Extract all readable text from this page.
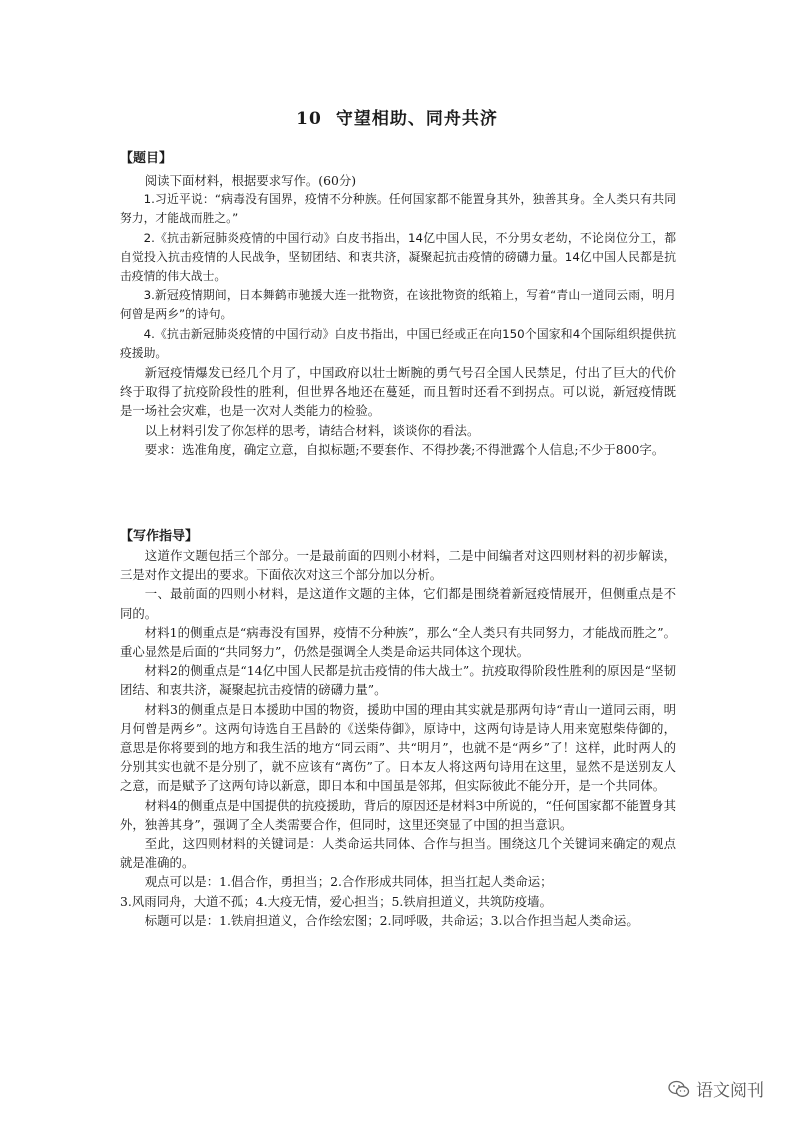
10 守望相助、同舟共济
【题目】

阅读下面材料，根据要求写作。(60分)

1.习近平说：“病毒没有国界，疫情不分种族。任何国家都不能置身其外，独善其身。全人类只有共同努力，才能战而胜之。”

2.《抗击新冠肺炎疫情的中国行动》白皮书指出，14亿中国人民，不分男女老幼，不论岗位分工，都自觉投入抗击疫情的人民战争，坚韧团结、和衷共济，凝聚起抗击疫情的磅礴力量。14亿中国人民都是抗击疫情的伟大战士。

3.新冠疫情期间，日本舞鹤市驰援大连一批物资，在该批物资的纸箱上，写着“青山一道同云雨，明月何曾是两乡”的诗句。

4.《抗击新冠肺炎疫情的中国行动》白皮书指出，中国已经或正在向150个国家和4个国际组织提供抗疫援助。

新冠疫情爆发已经几个月了，中国政府以壮士断腕的勇气号召全国人民禁足，付出了巨大的代价终于取得了抗疫阶段性的胜利，但世界各地还在蔓延，而且暂时还看不到拐点。可以说，新冠疫情既是一场社会灾难，也是一次对人类能力的检验。

以上材料引发了你怎样的思考，请结合材料，谈谈你的看法。

要求：选准角度，确定立意，自拟标题;不要套作、不得抄袭;不得泄露个人信息;不少于800字。

【写作指导】

这道作文题包括三个部分。一是最前面的四则小材料，二是中间编者对这四则材料的初步解读，三是对作文提出的要求。下面依次对这三个部分加以分析。

一、最前面的四则小材料，是这道作文题的主体，它们都是围绕着新冠疫情展开，但侧重点是不同的。

材料1的侧重点是“病毒没有国界，疫情不分种族”，那么“全人类只有共同努力，才能战而胜之”。重心显然是后面的“共同努力”，仍然是强调全人类是命运共同体这个现状。

材料2的侧重点是“14亿中国人民都是抗击疫情的伟大战士”。抗疫取得阶段性胜利的原因是“坚韧团结、和衷共济，凝聚起抗击疫情的磅礴力量”。

材料3的侧重点是日本援助中国的物资，援助中国的理由其实就是那两句诗“青山一道同云雨，明月何曾是两乡”。这两句诗选自王昌龄的《送柴侍御》，原诗中，这两句诗是诗人用来宽慰柴侍御的，意思是你将要到的地方和我生活的地方“同云雨”、共“明月”，也就不是“两乡”了！这样，此时两人的分别其实也就不是分别了，就不应该有“离伤”了。日本友人将这两句诗用在这里，显然不是送别友人之意，而是赋予了这两句诗以新意，即日本和中国虽是邻邦，但实际彼此不能分开，是一个共同体。

材料4的侧重点是中国提供的抗疫援助，背后的原因还是材料3中所说的，“任何国家都不能置身其外，独善其身”，强调了全人类需要合作，但同时，这里还突显了中国的担当意识。

至此，这四则材料的关键词是：人类命运共同体、合作与担当。围绕这几个关键词来确定的观点就是准确的。

观点可以是：1.倡合作，勇担当；2.合作形成共同体，担当扛起人类命运；

3.风雨同舟，大道不孤；4.大疫无情，爱心担当；5.铁肩担道义，共筑防疫墙。

标题可以是：1.铁肩担道义，合作绘宏图；2.同呼吸，共命运；3.以合作担当起人类命运。

语文阅刊
